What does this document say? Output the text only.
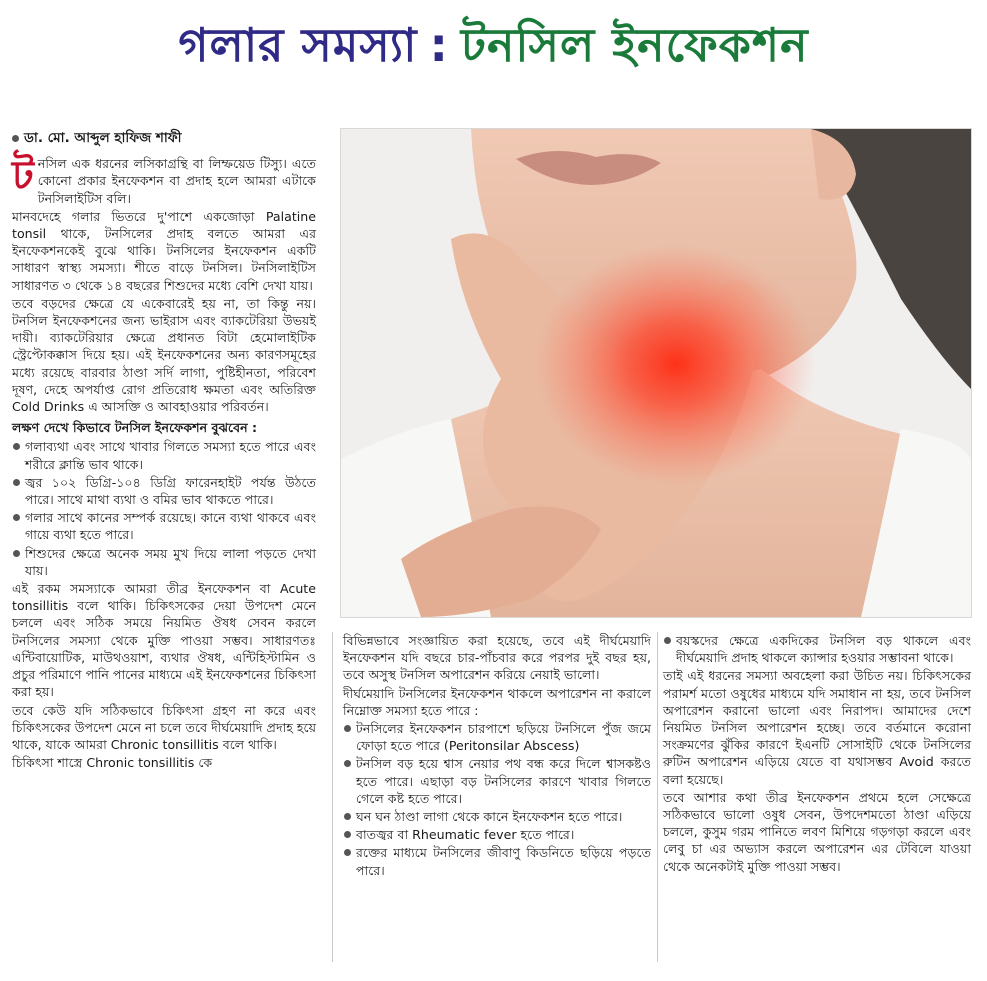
গলার সমস্যা : টনসিল ইনফেকশন
ডা. মো. আব্দুল হাফিজ শাফী

টনসিল এক ধরনের লসিকাগ্রন্থি বা লিম্ফয়েড টিস্যু। এতে কোনো প্রকার ইনফেকশন বা প্রদাহ হলে আমরা এটাকে টনসিলাইটিস বলি।

মানবদেহে গলার ভিতরে দু'পাশে একজোড়া Palatine tonsil থাকে, টনসিলের প্রদাহ বলতে আমরা এর ইনফেকশনকেই বুঝে থাকি। টনসিলের ইনফেকশন একটি সাধারণ স্বাস্থ্য সমস্যা। শীতে বাড়ে টনসিল। টনসিলাইটিস সাধারণত ৩ থেকে ১৪ বছরের শিশুদের মধ্যে বেশি দেখা যায়।

তবে বড়দের ক্ষেত্রে যে একেবারেই হয় না, তা কিন্তু নয়। টনসিল ইনফেকশনের জন্য ভাইরাস এবং ব্যাকটেরিয়া উভয়ই দায়ী। ব্যাকটেরিয়ার ক্ষেত্রে প্রধানত বিটা হেমোলাইটিক স্ট্রেপ্টোকক্কাস দিয়ে হয়। এই ইনফেকশনের অন্য কারণসমূহের মধ্যে রয়েছে বারবার ঠাণ্ডা সর্দি লাগা, পুষ্টিহীনতা, পরিবেশ দূষণ, দেহে অপর্যাপ্ত রোগ প্রতিরোধ ক্ষমতা এবং অতিরিক্ত Cold Drinks এ আসক্তি ও আবহাওয়ার পরিবর্তন।

লক্ষণ দেখে কিভাবে টনসিল ইনফেকশন বুঝবেন :
গলাব্যথা এবং সাথে খাবার গিলতে সমস্যা হতে পারে এবং শরীরে ক্লান্তি ভাব থাকে।
জ্বর ১০২ ডিগ্রি-১০৪ ডিগ্রি ফারেনহাইট পর্যন্ত উঠতে পারে। সাথে মাথা ব্যথা ও বমির ভাব থাকতে পারে।
গলার সাথে কানের সম্পর্ক রয়েছে। কানে ব্যথা থাকবে এবং গায়ে ব্যথা হতে পারে।
শিশুদের ক্ষেত্রে অনেক সময় মুখ দিয়ে লালা পড়তে দেখা যায়।

এই রকম সমস্যাকে আমরা তীব্র ইনফেকশন বা Acute tonsillitis বলে থাকি। চিকিৎসকের দেয়া উপদেশ মেনে চললে এবং সঠিক সময়ে নিয়মিত ঔষধ সেবন করলে টনসিলের সমস্যা থেকে মুক্তি পাওয়া সম্ভব। সাধারণতঃ এন্টিবায়োটিক, মাউথওয়াশ, ব্যথার ঔষধ, এন্টিহিস্টামিন ও প্রচুর পরিমাণে পানি পানের মাধ্যমে এই ইনফেকশনের চিকিৎসা করা হয়।

তবে কেউ যদি সঠিকভাবে চিকিৎসা গ্রহণ না করে এবং চিকিৎসকের উপদেশ মেনে না চলে তবে দীর্ঘমেয়াদি প্রদাহ হয়ে থাকে, যাকে আমরা Chronic tonsillitis বলে থাকি।

চিকিৎসা শাস্ত্রে Chronic tonsillitis কে

বিভিন্নভাবে সংজ্ঞায়িত করা হয়েছে, তবে এই দীর্ঘমেয়াদি ইনফেকশন যদি বছরে চার-পাঁচবার করে পরপর দুই বছর হয়, তবে অসুস্থ টনসিল অপারেশন করিয়ে নেয়াই ভালো।

দীর্ঘমেয়াদি টনসিলের ইনফেকশন থাকলে অপারেশন না করালে নিম্নোক্ত সমস্যা হতে পারে :

টনসিলের ইনফেকশন চারপাশে ছড়িয়ে টনসিলে পুঁজ জমে ফোড়া হতে পারে (Peritonsilar Abscess)
টনসিল বড় হয়ে শ্বাস নেয়ার পথ বন্ধ করে দিলে শ্বাসকষ্টও হতে পারে। এছাড়া বড় টনসিলের কারণে খাবার গিলতে গেলে কষ্ট হতে পারে।
ঘন ঘন ঠাণ্ডা লাগা থেকে কানে ইনফেকশন হতে পারে।
বাতজ্বর বা Rheumatic fever হতে পারে।
রক্তের মাধ্যমে টনসিলের জীবাণু কিডনিতে ছড়িয়ে পড়তে পারে।
বয়স্কদের ক্ষেত্রে একদিকের টনসিল বড় থাকলে এবং দীর্ঘমেয়াদি প্রদাহ থাকলে ক্যান্সার হওয়ার সম্ভাবনা থাকে।

তাই এই ধরনের সমস্যা অবহেলা করা উচিত নয়। চিকিৎসকের পরামর্শ মতো ওষুধের মাধ্যমে যদি সমাধান না হয়, তবে টনসিল অপারেশন করানো ভালো এবং নিরাপদ। আমাদের দেশে নিয়মিত টনসিল অপারেশন হচ্ছে। তবে বর্তমানে করোনা সংক্রমণের ঝুঁকির কারণে ইএনটি সোসাইটি থেকে টনসিলের রুটিন অপারেশন এড়িয়ে যেতে বা যথাসম্ভব Avoid করতে বলা হয়েছে।

তবে আশার কথা তীব্র ইনফেকশন প্রথমে হলে সেক্ষেত্রে সঠিকভাবে ভালো ওষুধ সেবন, উপদেশমতো ঠাণ্ডা এড়িয়ে চললে, কুসুম গরম পানিতে লবণ মিশিয়ে গড়গড়া করলে এবং লেবু চা এর অভ্যাস করলে অপারেশন এর টেবিলে যাওয়া থেকে অনেকটাই মুক্তি পাওয়া সম্ভব।
